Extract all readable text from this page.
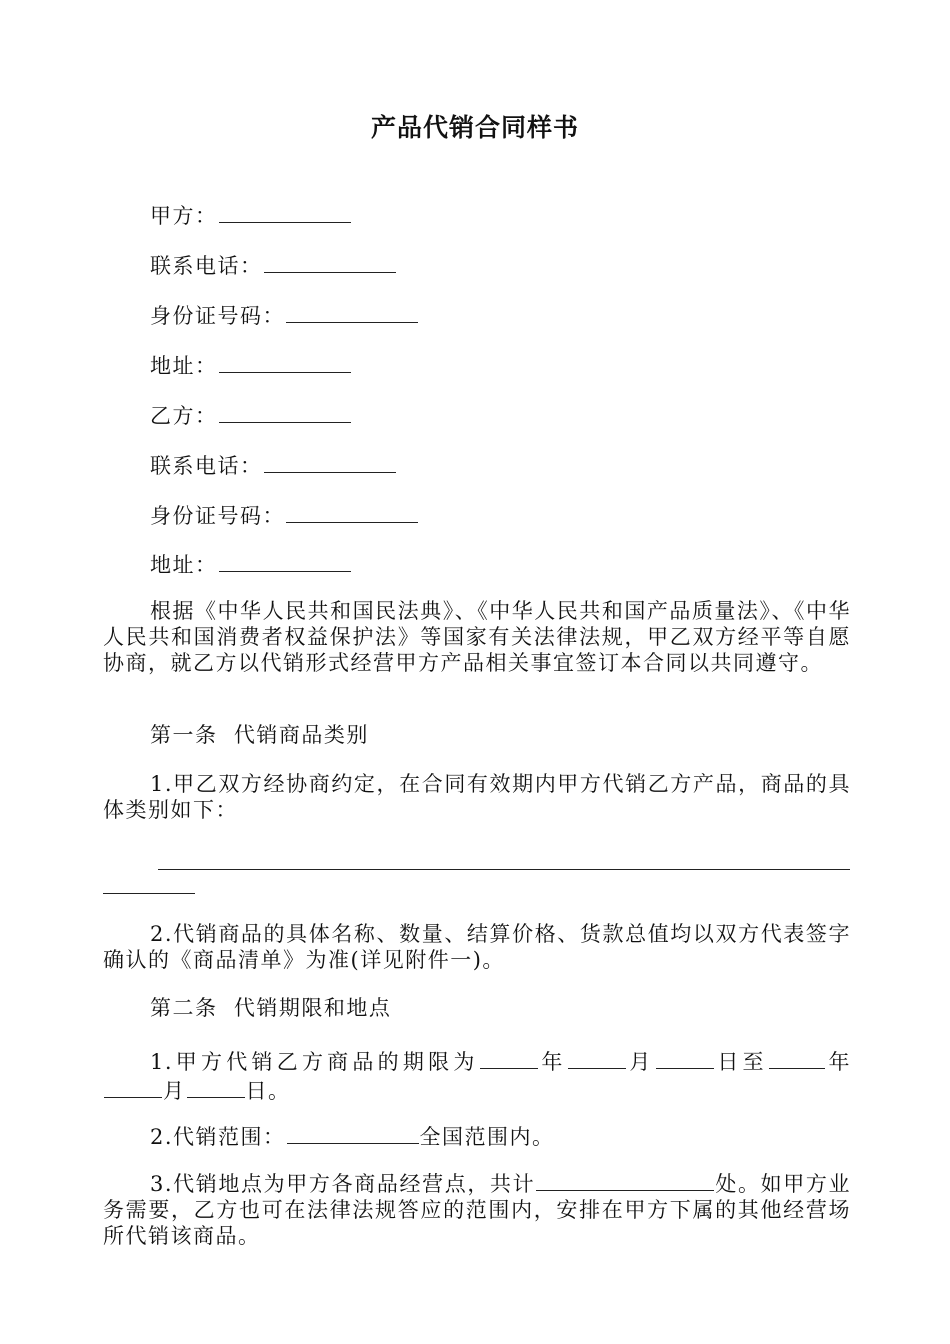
产品代销合同样书
甲方：
联系电话：
身份证号码：
地址：
乙方：
联系电话：
身份证号码：
地址：
根据《中华人民共和国民法典》、《中华人民共和国产品质量法》、《中华人民共和国消费者权益保护法》等国家有关法律法规，甲乙双方经平等自愿协商，就乙方以代销形式经营甲方产品相关事宜签订本合同以共同遵守。
第一条  代销商品类别
1.甲乙双方经协商约定，在合同有效期内甲方代销乙方产品，商品的具体类别如下：
2.代销商品的具体名称、数量、结算价格、货款总值均以双方代表签字确认的《商品清单》为准(详见附件一)。
第二条  代销期限和地点
1.甲方代销乙方商品的期限为	年	月	日至	年月	日。
2.代销范围：	全国范围内。
3.代销地点为甲方各商品经营点，共计	处。如甲方业务需要，乙方也可在法律法规答应的范围内，安排在甲方下属的其他经营场所代销该商品。
